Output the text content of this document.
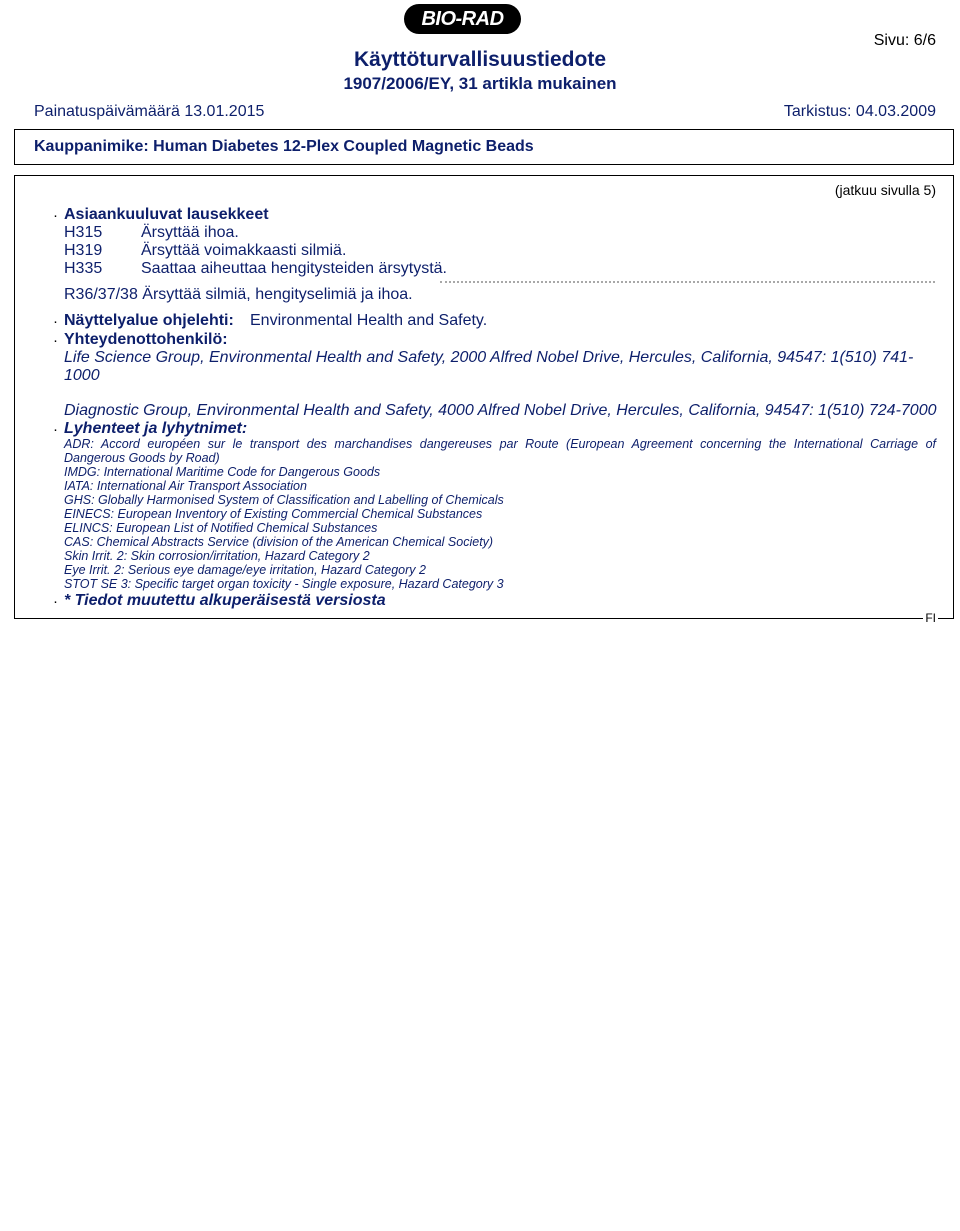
BIO-RAD
Sivu: 6/6
Käyttöturvallisuustiedote
1907/2006/EY, 31 artikla mukainen
Painatuspäivämäärä 13.01.2015	Tarkistus: 04.03.2009
Kauppanimike: Human Diabetes 12-Plex Coupled Magnetic Beads
(jatkuu sivulla 5)
· Asiaankuuluvat lausekkeet
H315 Ärsyttää ihoa.
H319 Ärsyttää voimakkaasti silmiä.
H335 Saattaa aiheuttaa hengitysteiden ärsytystä.
R36/37/38 Ärsyttää silmiä, hengityselimiä ja ihoa.
· Näyttelyalue ohjelehti: Environmental Health and Safety.
· Yhteydenottohenkilö:
Life Science Group, Environmental Health and Safety, 2000 Alfred Nobel Drive, Hercules, California, 94547: 1(510) 741-
1000
Diagnostic Group, Environmental Health and Safety, 4000 Alfred Nobel Drive, Hercules, California, 94547: 1(510) 724-7000
· Lyhenteet ja lyhytnimet:
ADR: Accord européen sur le transport des marchandises dangereuses par Route (European Agreement concerning the International Carriage of
Dangerous Goods by Road)
IMDG: International Maritime Code for Dangerous Goods
IATA: International Air Transport Association
GHS: Globally Harmonised System of Classification and Labelling of Chemicals
EINECS: European Inventory of Existing Commercial Chemical Substances
ELINCS: European List of Notified Chemical Substances
CAS: Chemical Abstracts Service (division of the American Chemical Society)
Skin Irrit. 2: Skin corrosion/irritation, Hazard Category 2
Eye Irrit. 2: Serious eye damage/eye irritation, Hazard Category 2
STOT SE 3: Specific target organ toxicity - Single exposure, Hazard Category 3
· * Tiedot muutettu alkuperäisestä versiosta
FI
